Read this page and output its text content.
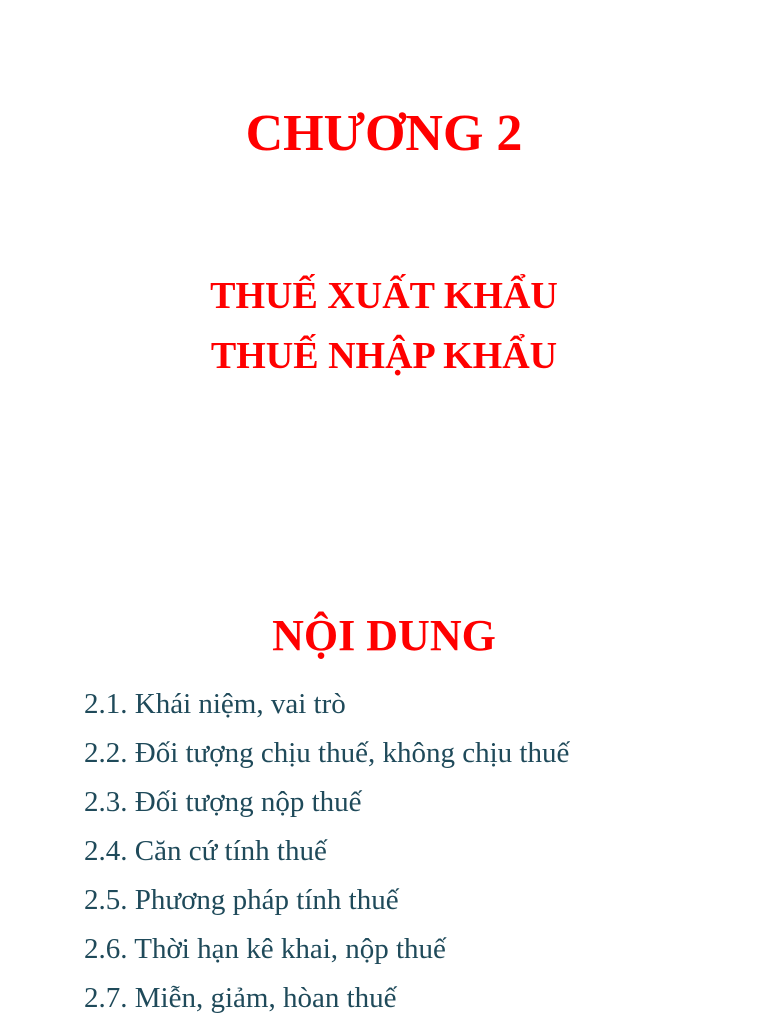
CHƯƠNG 2
THUẾ XUẤT KHẨU
THUẾ NHẬP KHẨU
NỘI DUNG
2.1. Khái niệm, vai trò
2.2. Đối tượng chịu thuế, không chịu thuế
2.3. Đối tượng nộp thuế
2.4. Căn cứ tính thuế
2.5. Phương pháp tính thuế
2.6. Thời hạn kê khai, nộp thuế
2.7. Miễn, giảm, hòan thuế
